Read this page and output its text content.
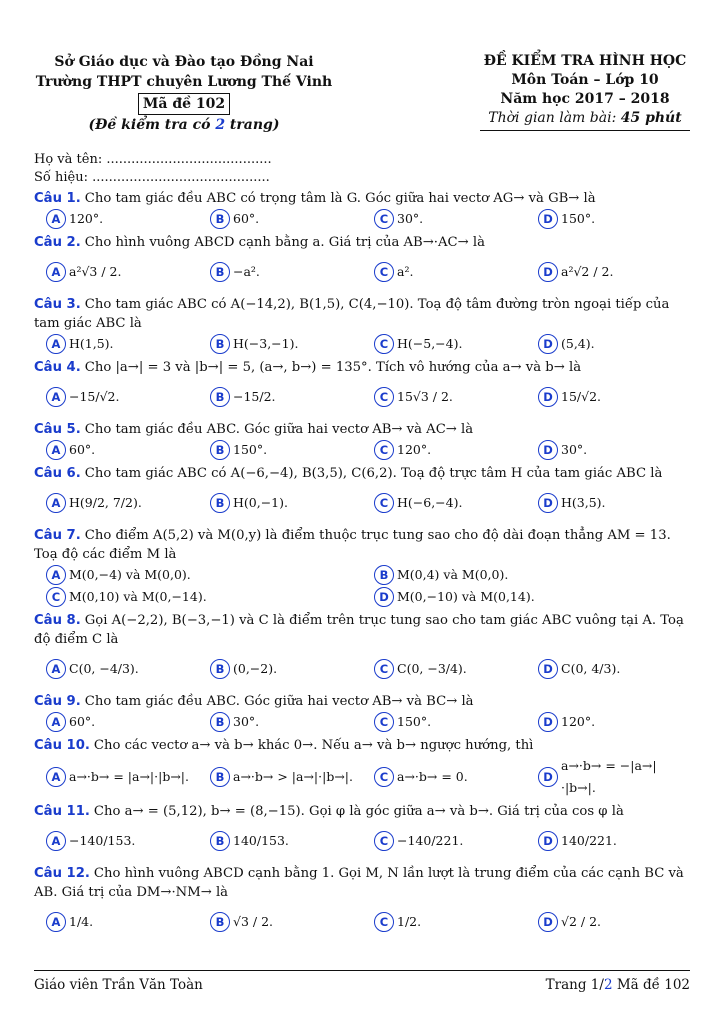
Sở Giáo dục và Đào tạo Đồng Nai
Trường THPT chuyên Lương Thế Vinh
Mã đề 102
(Đề kiểm tra có 2 trang)
ĐỀ KIỂM TRA HÌNH HỌC
Môn Toán – Lớp 10
Năm học 2017 – 2018
Thời gian làm bài: 45 phút
Họ và tên: ........................................
Số hiệu: ...........................................
Câu 1. Cho tam giác đều ABC có trọng tâm là G. Góc giữa hai vectơ AG→ và GB→ là
A 120°.	B 60°.	C 30°.	D 150°.
Câu 2. Cho hình vuông ABCD cạnh bằng a. Giá trị của AB→·AC→ là
A a²√3 / 2.	B −a².	C a².	D a²√2 / 2.
Câu 3. Cho tam giác ABC có A(−14,2), B(1,5), C(4,−10). Toạ độ tâm đường tròn ngoại tiếp của tam giác ABC là
A H(1,5).	B H(−3,−1).	C H(−5,−4).	D (5,4).
Câu 4. Cho |a→| = 3 và |b→| = 5, (a→, b→) = 135°. Tích vô hướng của a→ và b→ là
A −15/√2.	B −15/2.	C 15√3 / 2.	D 15/√2.
Câu 5. Cho tam giác đều ABC. Góc giữa hai vectơ AB→ và AC→ là
A 60°.	B 150°.	C 120°.	D 30°.
Câu 6. Cho tam giác ABC có A(−6,−4), B(3,5), C(6,2). Toạ độ trực tâm H của tam giác ABC là
A H(9/2, 7/2).	B H(0,−1).	C H(−6,−4).	D H(3,5).
Câu 7. Cho điểm A(5,2) và M(0,y) là điểm thuộc trục tung sao cho độ dài đoạn thẳng AM = 13. Toạ độ các điểm M là
A M(0,−4) và M(0,0).	B M(0,4) và M(0,0).
C M(0,10) và M(0,−14).	D M(0,−10) và M(0,14).
Câu 8. Gọi A(−2,2), B(−3,−1) và C là điểm trên trục tung sao cho tam giác ABC vuông tại A. Toạ độ điểm C là
A C(0, −4/3).	B (0,−2).	C C(0, −3/4).	D C(0, 4/3).
Câu 9. Cho tam giác đều ABC. Góc giữa hai vectơ AB→ và BC→ là
A 60°.	B 30°.	C 150°.	D 120°.
Câu 10. Cho các vectơ a→ và b→ khác 0→. Nếu a→ và b→ ngược hướng, thì
A a→·b→ = |a→|·|b→|.	B a→·b→ > |a→|·|b→|.	C a→·b→ = 0.	D
a→·b→ = −|a→|·|b→|.
Câu 11. Cho a→ = (5,12), b→ = (8,−15). Gọi φ là góc giữa a→ và b→. Giá trị của cos φ là
A −140/153.	B 140/153.	C −140/221.	D 140/221.
Câu 12. Cho hình vuông ABCD cạnh bằng 1. Gọi M, N lần lượt là trung điểm của các cạnh BC và AB. Giá trị của DM→·NM→ là
A 1/4.	B √3 / 2.	C 1/2.	D √2 / 2.
Giáo viên Trần Văn Toàn	Trang 1/2 Mã đề 102
